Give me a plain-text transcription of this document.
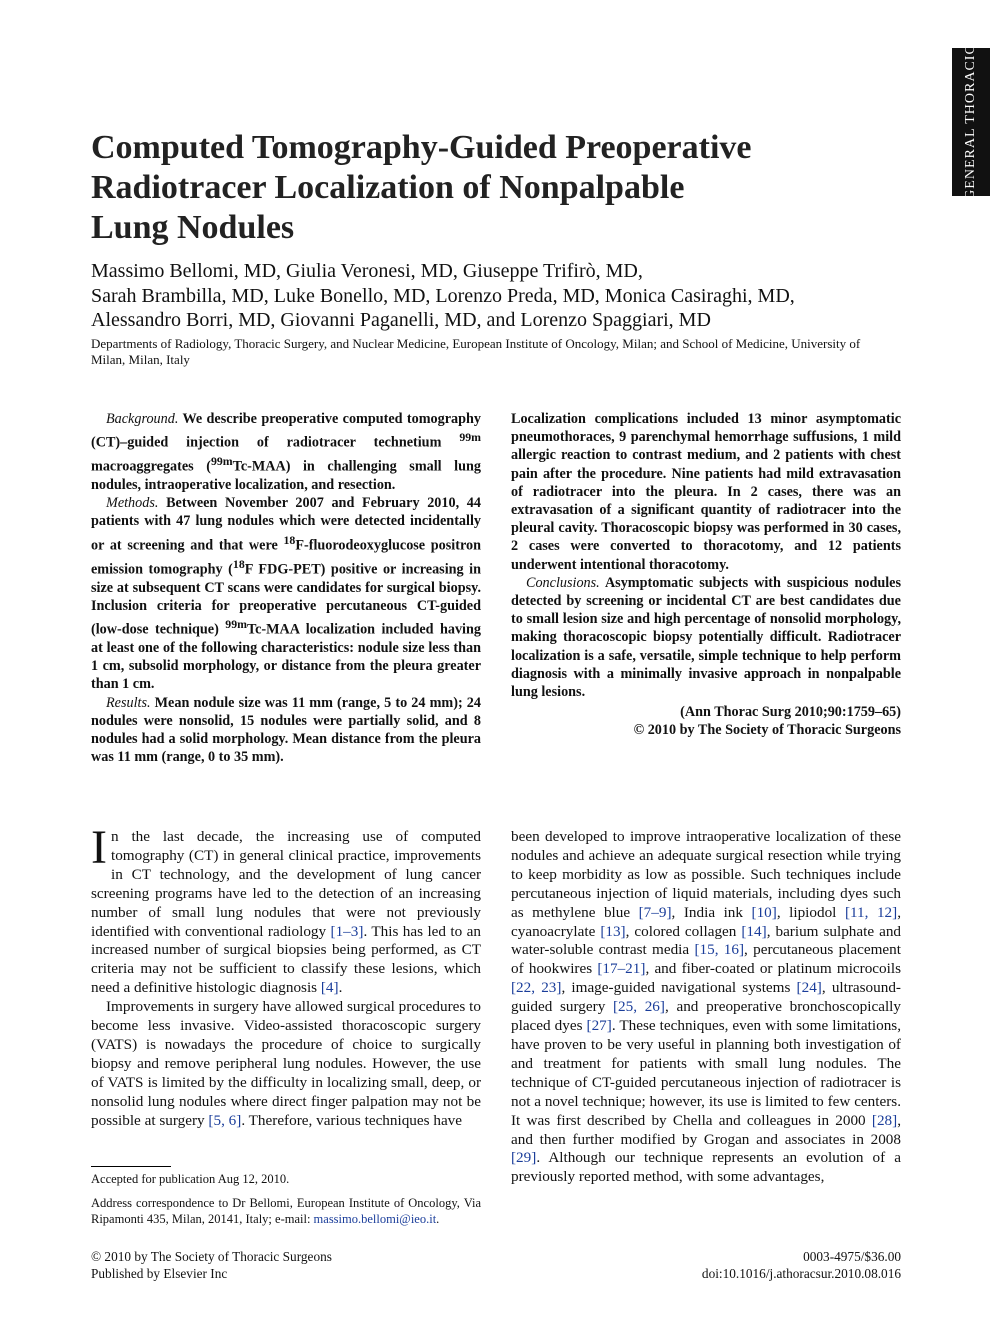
GENERAL THORACIC
Computed Tomography-Guided Preoperative
Radiotracer Localization of Nonpalpable
Lung Nodules
Massimo Bellomi, MD, Giulia Veronesi, MD, Giuseppe Trifirò, MD,
Sarah Brambilla, MD, Luke Bonello, MD, Lorenzo Preda, MD, Monica Casiraghi, MD,
Alessandro Borri, MD, Giovanni Paganelli, MD, and Lorenzo Spaggiari, MD
Departments of Radiology, Thoracic Surgery, and Nuclear Medicine, European Institute of Oncology, Milan; and School of Medicine, University of Milan, Milan, Italy

Background. We describe preoperative computed tomography (CT)–guided injection of radiotracer technetium $^{99m}$ macroaggregates ($^{99m}$Tc-MAA) in challenging small lung nodules, intraoperative localization, and resection.

Methods. Between November 2007 and February 2010, 44 patients with 47 lung nodules which were detected incidentally or at screening and that were $^{18}$F-fluorodeoxyglucose positron emission tomography ($^{18}$F FDG-PET) positive or increasing in size at subsequent CT scans were candidates for surgical biopsy. Inclusion criteria for preoperative percutaneous CT-guided (low-dose technique) $^{99m}$Tc-MAA localization included having at least one of the following characteristics: nodule size less than 1 cm, subsolid morphology, or distance from the pleura greater than 1 cm.

Results. Mean nodule size was 11 mm (range, 5 to 24 mm); 24 nodules were nonsolid, 15 nodules were partially solid, and 8 nodules had a solid morphology. Mean distance from the pleura was 11 mm (range, 0 to 35 mm).

Localization complications included 13 minor asymptomatic pneumothoraces, 9 parenchymal hemorrhage suffusions, 1 mild allergic reaction to contrast medium, and 2 patients with chest pain after the procedure. Nine patients had mild extravasation of radiotracer into the pleura. In 2 cases, there was an extravasation of a significant quantity of radiotracer into the pleural cavity. Thoracoscopic biopsy was performed in 30 cases, 2 cases were converted to thoracotomy, and 12 patients underwent intentional thoracotomy.

Conclusions. Asymptomatic subjects with suspicious nodules detected by screening or incidental CT are best candidates due to small lesion size and high percentage of nonsolid morphology, making thoracoscopic biopsy potentially difficult. Radiotracer localization is a safe, versatile, simple technique to help perform diagnosis with a minimally invasive approach in nonpalpable lung lesions.

(Ann Thorac Surg 2010;90:1759–65)

© 2010 by The Society of Thoracic Surgeons

In the last decade, the increasing use of computed tomography (CT) in general clinical practice, improvements in CT technology, and the development of lung cancer screening programs have led to the detection of an increasing number of small lung nodules that were not previously identified with conventional radiology [1–3]. This has led to an increased number of surgical biopsies being performed, as CT criteria may not be sufficient to classify these lesions, which need a definitive histologic diagnosis [4].

Improvements in surgery have allowed surgical procedures to become less invasive. Video-assisted thoracoscopic surgery (VATS) is nowadays the procedure of choice to surgically biopsy and remove peripheral lung nodules. However, the use of VATS is limited by the difficulty in localizing small, deep, or nonsolid lung nodules where direct finger palpation may not be possible at surgery [5, 6]. Therefore, various techniques have

been developed to improve intraoperative localization of these nodules and achieve an adequate surgical resection while trying to keep morbidity as low as possible. Such techniques include percutaneous injection of liquid materials, including dyes such as methylene blue [7–9], India ink [10], lipiodol [11, 12], cyanoacrylate [13], colored collagen [14], barium sulphate and water-soluble contrast media [15, 16], percutaneous placement of hookwires [17–21], and fiber-coated or platinum microcoils [22, 23], image-guided navigational systems [24], ultrasound-guided surgery [25, 26], and preoperative bronchoscopically placed dyes [27]. These techniques, even with some limitations, have proven to be very useful in planning both investigation of and treatment for patients with small lung nodules. The technique of CT-guided percutaneous injection of radiotracer is not a novel technique; however, its use is limited to few centers. It was first described by Chella and colleagues in 2000 [28], and then further modified by Grogan and associates in 2008 [29]. Although our technique represents an evolution of a previously reported method, with some advantages,

Accepted for publication Aug 12, 2010.

Address correspondence to Dr Bellomi, European Institute of Oncology, Via Ripamonti 435, Milan, 20141, Italy; e-mail: massimo.bellomi@ieo.it.

© 2010 by The Society of Thoracic Surgeons
Published by Elsevier Inc
0003-4975/$36.00
doi:10.1016/j.athoracsur.2010.08.016
